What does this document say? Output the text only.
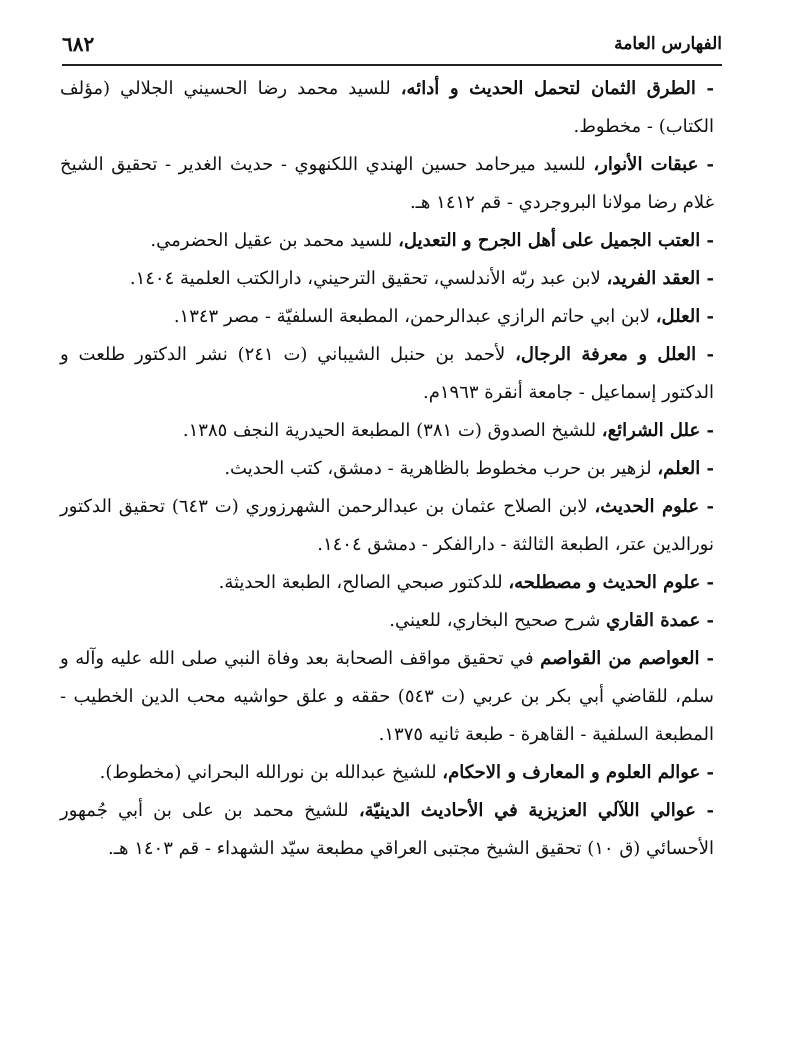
الفهارس العامة
٦٨٢

- الطرق الثمان لتحمل الحديث و أدائه، للسيد محمد رضا الحسيني الجلالي (مؤلف الكتاب) - مخطوط.

- عبقات الأنوار، للسيد ميرحامد حسين الهندي اللكنهوي - حديث الغدير - تحقيق الشيخ غلام رضا مولانا البروجردي - قم ١٤١٢ هـ.

- العتب الجميل على أهل الجرح و التعديل، للسيد محمد بن عقيل الحضرمي.

- العقد الفريد، لابن عبد ربّه الأندلسي، تحقيق الترحيني، دارالكتب العلمية ١٤٠٤.

- العلل، لابن ابي حاتم الرازي عبدالرحمن، المطبعة السلفيّة - مصر ١٣٤٣.

- العلل و معرفة الرجال، لأحمد بن حنبل الشيباني (ت ٢٤١) نشر الدكتور طلعت و الدكتور إسماعيل - جامعة أنقرة ١٩٦٣م.

- علل الشرائع، للشيخ الصدوق (ت ٣٨١) المطبعة الحيدرية النجف ١٣٨٥.

- العلم، لزهير بن حرب مخطوط بالظاهرية - دمشق، كتب الحديث.

- علوم الحديث، لابن الصلاح عثمان بن عبدالرحمن الشهرزوري (ت ٦٤٣) تحقيق الدكتور نورالدين عتر، الطبعة الثالثة - دارالفكر - دمشق ١٤٠٤.

- علوم الحديث و مصطلحه، للدكتور صبحي الصالح، الطبعة الحديثة.

- عمدة القاري شرح صحيح البخاري، للعيني.

- العواصم من القواصم في تحقيق مواقف الصحابة بعد وفاة النبي صلى الله عليه وآله و سلم، للقاضي أبي بكر بن عربي (ت ٥٤٣) حققه و علق حواشيه محب الدين الخطيب - المطبعة السلفية - القاهرة - طبعة ثانيه ١٣٧٥.

- عوالم العلوم و المعارف و الاحكام، للشيخ عبدالله بن نورالله البحراني (مخطوط).

- عوالي اللآلي العزيزية في الأحاديث الدينيّة، للشيخ محمد بن على بن أبي جُمهور الأحسائي (ق ١٠) تحقيق الشيخ مجتبى العراقي مطبعة سيّد الشهداء - قم ١٤٠٣ هـ.
